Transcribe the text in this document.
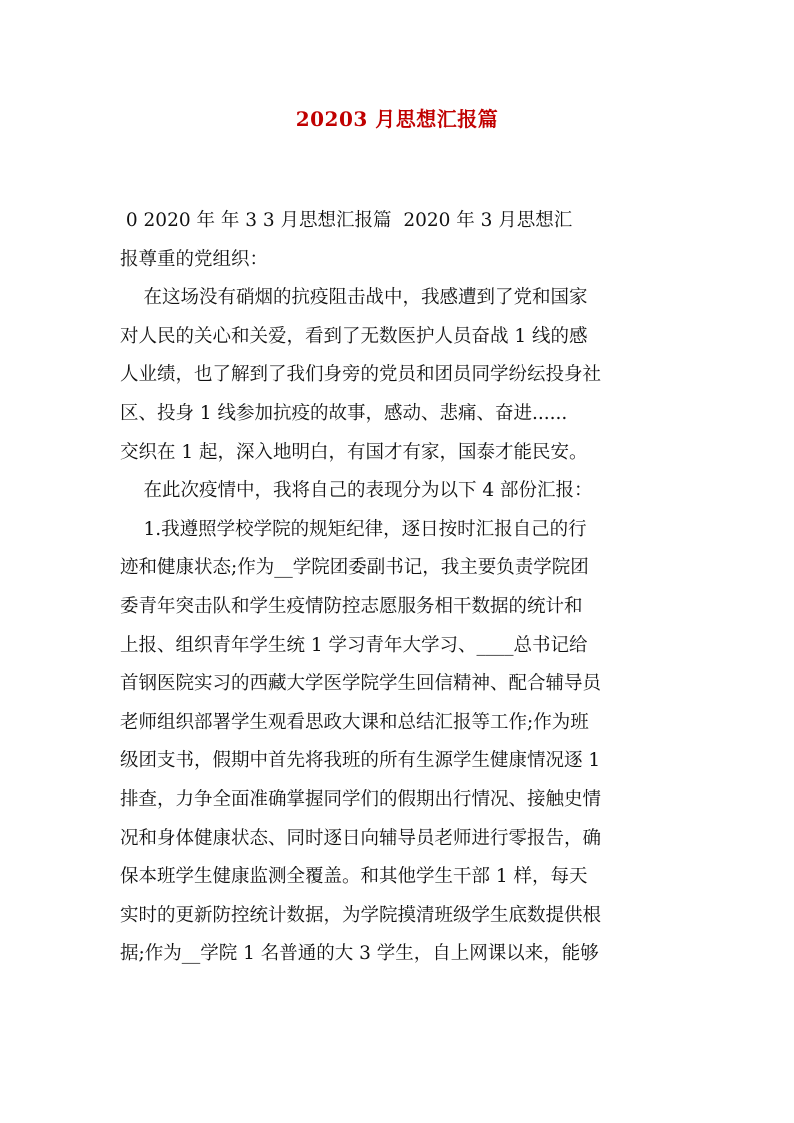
20203 月思想汇报篇
0 2020 年 年 3 3 月思想汇报篇  2020 年 3 月思想汇
报尊重的党组织：
在这场没有硝烟的抗疫阻击战中，我感遭到了党和国家
对人民的关心和关爱，看到了无数医护人员奋战 1 线的感
人业绩，也了解到了我们身旁的党员和团员同学纷纭投身社
区、投身 1 线参加抗疫的故事，感动、悲痛、奋进......
交织在 1 起，深入地明白，有国才有家，国泰才能民安。
在此次疫情中，我将自己的表现分为以下 4 部份汇报：
1.我遵照学校学院的规矩纪律，逐日按时汇报自己的行
迹和健康状态;作为__学院团委副书记，我主要负责学院团
委青年突击队和学生疫情防控志愿服务相干数据的统计和
上报、组织青年学生统 1 学习青年大学习、____总书记给
首钢医院实习的西藏大学医学院学生回信精神、配合辅导员
老师组织部署学生观看思政大课和总结汇报等工作;作为班
级团支书，假期中首先将我班的所有生源学生健康情况逐 1
排查，力争全面准确掌握同学们的假期出行情况、接触史情
况和身体健康状态、同时逐日向辅导员老师进行零报告，确
保本班学生健康监测全覆盖。和其他学生干部 1 样，每天
实时的更新防控统计数据，为学院摸清班级学生底数提供根
据;作为__学院 1 名普通的大 3 学生，自上网课以来，能够
